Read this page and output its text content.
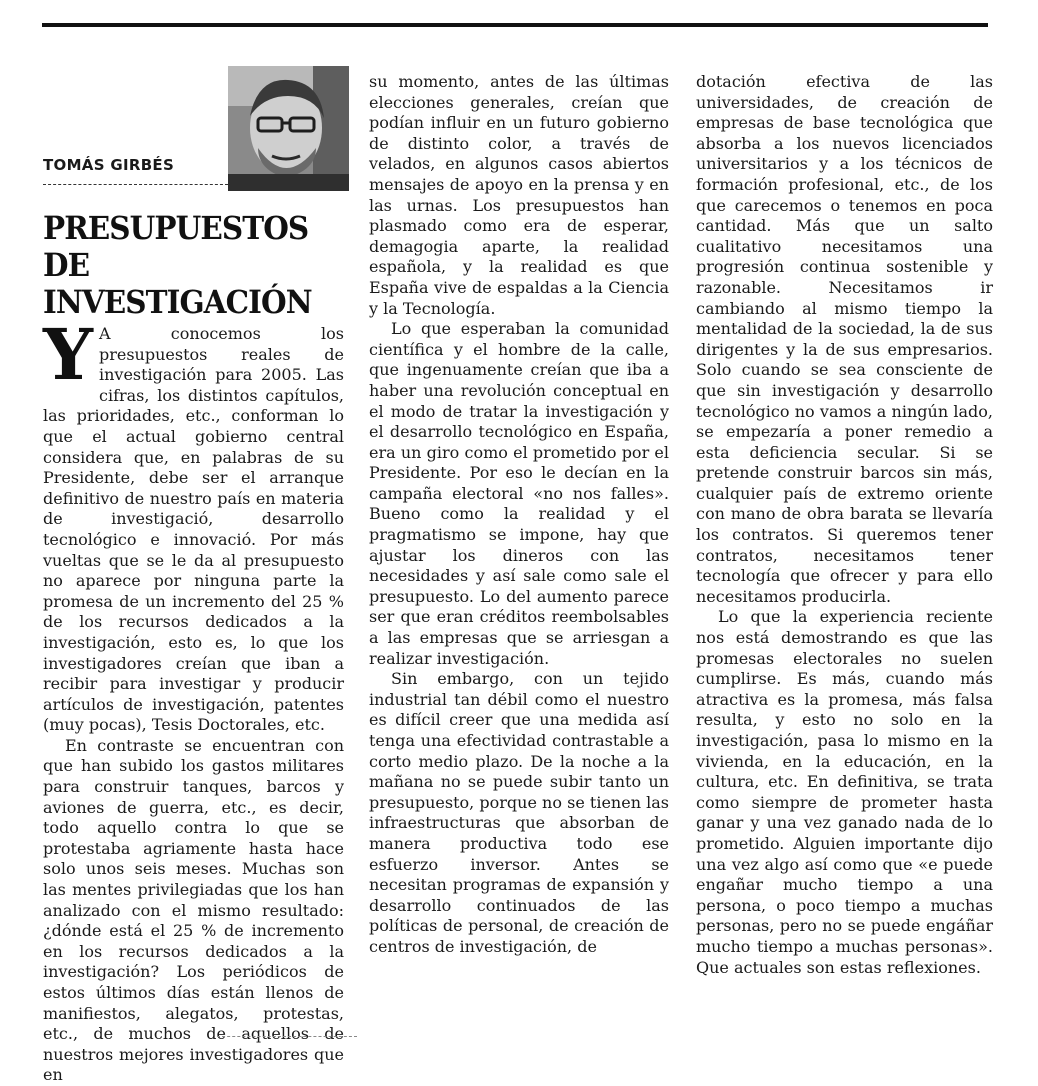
TOMÁS GIRBÉS
PRESUPUESTOS DE
INVESTIGACIÓN

Y A conocemos los presupuestos reales de investigación para 2005. Las cifras, los distintos capítulos, las prioridades, etc., conforman lo que el actual gobierno central considera que, en palabras de su Presidente, debe ser el arranque definitivo de nuestro país en materia de investigació, desarrollo tecnológico e innovació. Por más vueltas que se le da al presupuesto no aparece por ninguna parte la promesa de un incremento del 25 % de los recursos dedicados a la investigación, esto es, lo que los investigadores creían que iban a recibir para investigar y producir artículos de investigación, patentes (muy pocas), Tesis Doctorales, etc.

En contraste se encuentran con que han subido los gastos militares para construir tanques, barcos y aviones de guerra, etc., es decir, todo aquello contra lo que se protestaba agriamente hasta hace solo unos seis meses. Muchas son las mentes privilegiadas que los han analizado con el mismo resultado: ¿dónde está el 25 % de incremento en los recursos dedicados a la investigación? Los periódicos de estos últimos días están llenos de manifiestos, alegatos, protestas, etc., de muchos de aquellos de nuestros mejores investigadores que en

su momento, antes de las últimas elecciones generales, creían que podían influir en un futuro gobierno de distinto color, a través de velados, en algunos casos abiertos mensajes de apoyo en la prensa y en las urnas. Los presupuestos han plasmado como era de esperar, demagogia aparte, la realidad española, y la realidad es que España vive de espaldas a la Ciencia y la Tecnología.

Lo que esperaban la comunidad científica y el hombre de la calle, que ingenuamente creían que iba a haber una revolución conceptual en el modo de tratar la investigación y el desarrollo tecnológico en España, era un giro como el prometido por el Presidente. Por eso le decían en la campaña electoral «no nos falles». Bueno como la realidad y el pragmatismo se impone, hay que ajustar los dineros con las necesidades y así sale como sale el presupuesto. Lo del aumento parece ser que eran créditos reembolsables a las empresas que se arriesgan a realizar investigación.

Sin embargo, con un tejido industrial tan débil como el nuestro es difícil creer que una medida así tenga una efectividad contrastable a corto medio plazo. De la noche a la mañana no se puede subir tanto un presupuesto, porque no se tienen las infraestructuras que absorban de manera productiva todo ese esfuerzo inversor. Antes se necesitan programas de expansión y desarrollo continuados de las políticas de personal, de creación de centros de investigación, de

dotación efectiva de las universidades, de creación de empresas de base tecnológica que absorba a los nuevos licenciados universitarios y a los técnicos de formación profesional, etc., de los que carecemos o tenemos en poca cantidad. Más que un salto cualitativo necesitamos una progresión continua sostenible y razonable. Necesitamos ir cambiando al mismo tiempo la mentalidad de la sociedad, la de sus dirigentes y la de sus empresarios. Solo cuando se sea consciente de que sin investigación y desarrollo tecnológico no vamos a ningún lado, se empezaría a poner remedio a esta deficiencia secular. Si se pretende construir barcos sin más, cualquier país de extremo oriente con mano de obra barata se llevaría los contratos. Si queremos tener contratos, necesitamos tener tecnología que ofrecer y para ello necesitamos producirla.

Lo que la experiencia reciente nos está demostrando es que las promesas electorales no suelen cumplirse. Es más, cuando más atractiva es la promesa, más falsa resulta, y esto no solo en la investigación, pasa lo mismo en la vivienda, en la educación, en la cultura, etc. En definitiva, se trata como siempre de prometer hasta ganar y una vez ganado nada de lo prometido. Alguien importante dijo una vez algo así como que «e puede engañar mucho tiempo a una persona, o poco tiempo a muchas personas, pero no se puede engáñar mucho tiempo a muchas personas». Que actuales son estas reflexiones.
